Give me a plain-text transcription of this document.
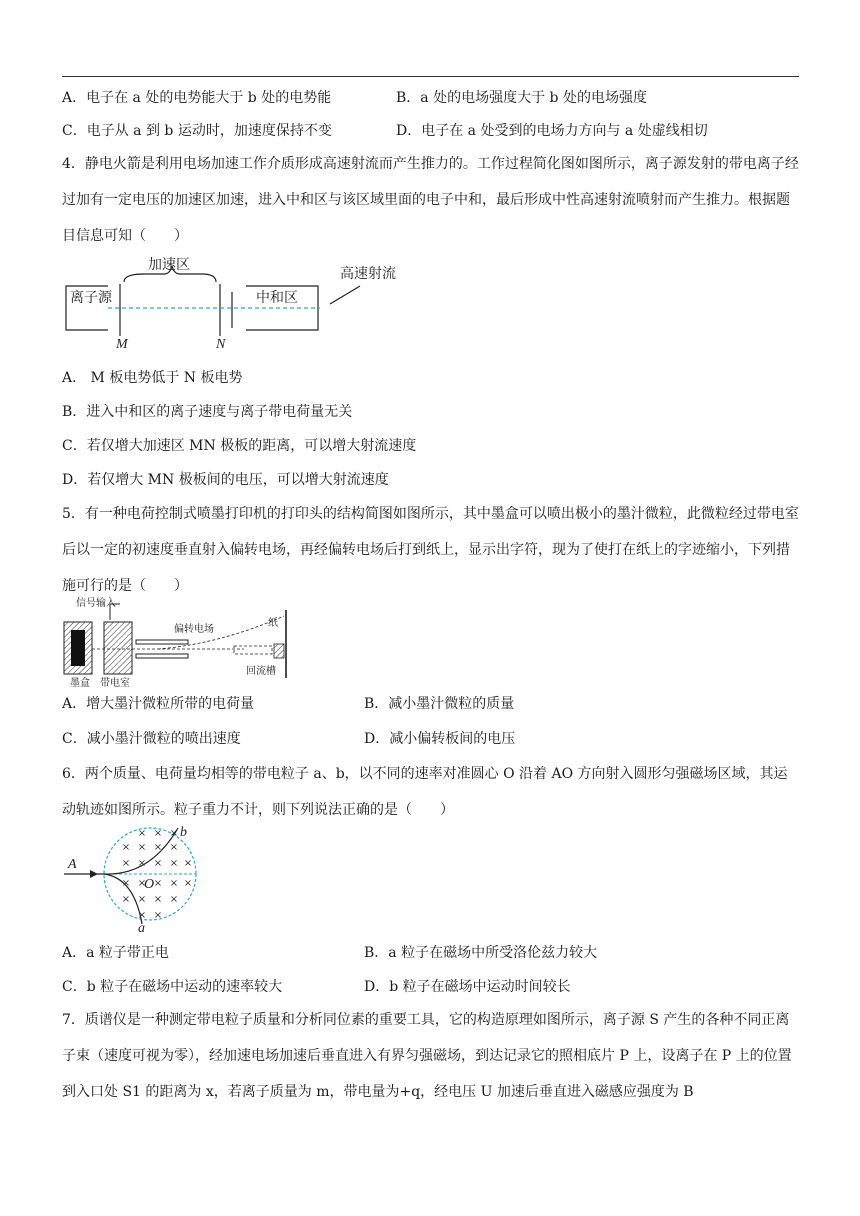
A．电子在 a 处的电势能大于 b 处的电势能	B．a 处的电场强度大于 b 处的电场强度
C．电子从 a 到 b 运动时，加速度保持不变	D．电子在 a 处受到的电场力方向与 a 处虚线相切
4．静电火箭是利用电场加速工作介质形成高速射流而产生推力的。工作过程简化图如图所示，离子源发射的带电离子经过加有一定电压的加速区加速，进入中和区与该区域里面的电子中和，最后形成中性高速射流喷射而产生推力。根据题目信息可知（　　）
离子源
加速区
中和区
高速射流
M	N
A． M 板电势低于 N 板电势
B．进入中和区的离子速度与离子带电荷量无关
C．若仅增大加速区 MN 极板的距离，可以增大射流速度
D．若仅增大 MN 极板间的电压，可以增大射流速度
5．有一种电荷控制式喷墨打印机的打印头的结构简图如图所示，其中墨盒可以喷出极小的墨汁微粒，此微粒经过带电室后以一定的初速度垂直射入偏转电场，再经偏转电场后打到纸上，显示出字符，现为了使打在纸上的字迹缩小，下列措施可行的是（　　）
信号输入
偏转电场
纸
墨盒 带电室
回流槽
A．增大墨汁微粒所带的电荷量	B．减小墨汁微粒的质量
C．减小墨汁微粒的喷出速度	D．减小偏转板间的电压
6．两个质量、电荷量均相等的带电粒子 a、b，以不同的速率对准圆心 O 沿着 AO 方向射入圆形匀强磁场区域，其运动轨迹如图所示。粒子重力不计，则下列说法正确的是（　　）
× × ×
× × × ×
× × × × ×
× × × × ×
× × × ×
× ×
A
O
b
a
A．a 粒子带正电	B．a 粒子在磁场中所受洛伦兹力较大
C．b 粒子在磁场中运动的速率较大	D．b 粒子在磁场中运动时间较长
7．质谱仪是一种测定带电粒子质量和分析同位素的重要工具，它的构造原理如图所示，离子源 S 产生的各种不同正离子束（速度可视为零），经加速电场加速后垂直进入有界匀强磁场，到达记录它的照相底片 P 上，设离子在 P 上的位置到入口处 S1 的距离为 x，若离子质量为 m，带电量为+q，经电压 U 加速后垂直进入磁感应强度为 B
